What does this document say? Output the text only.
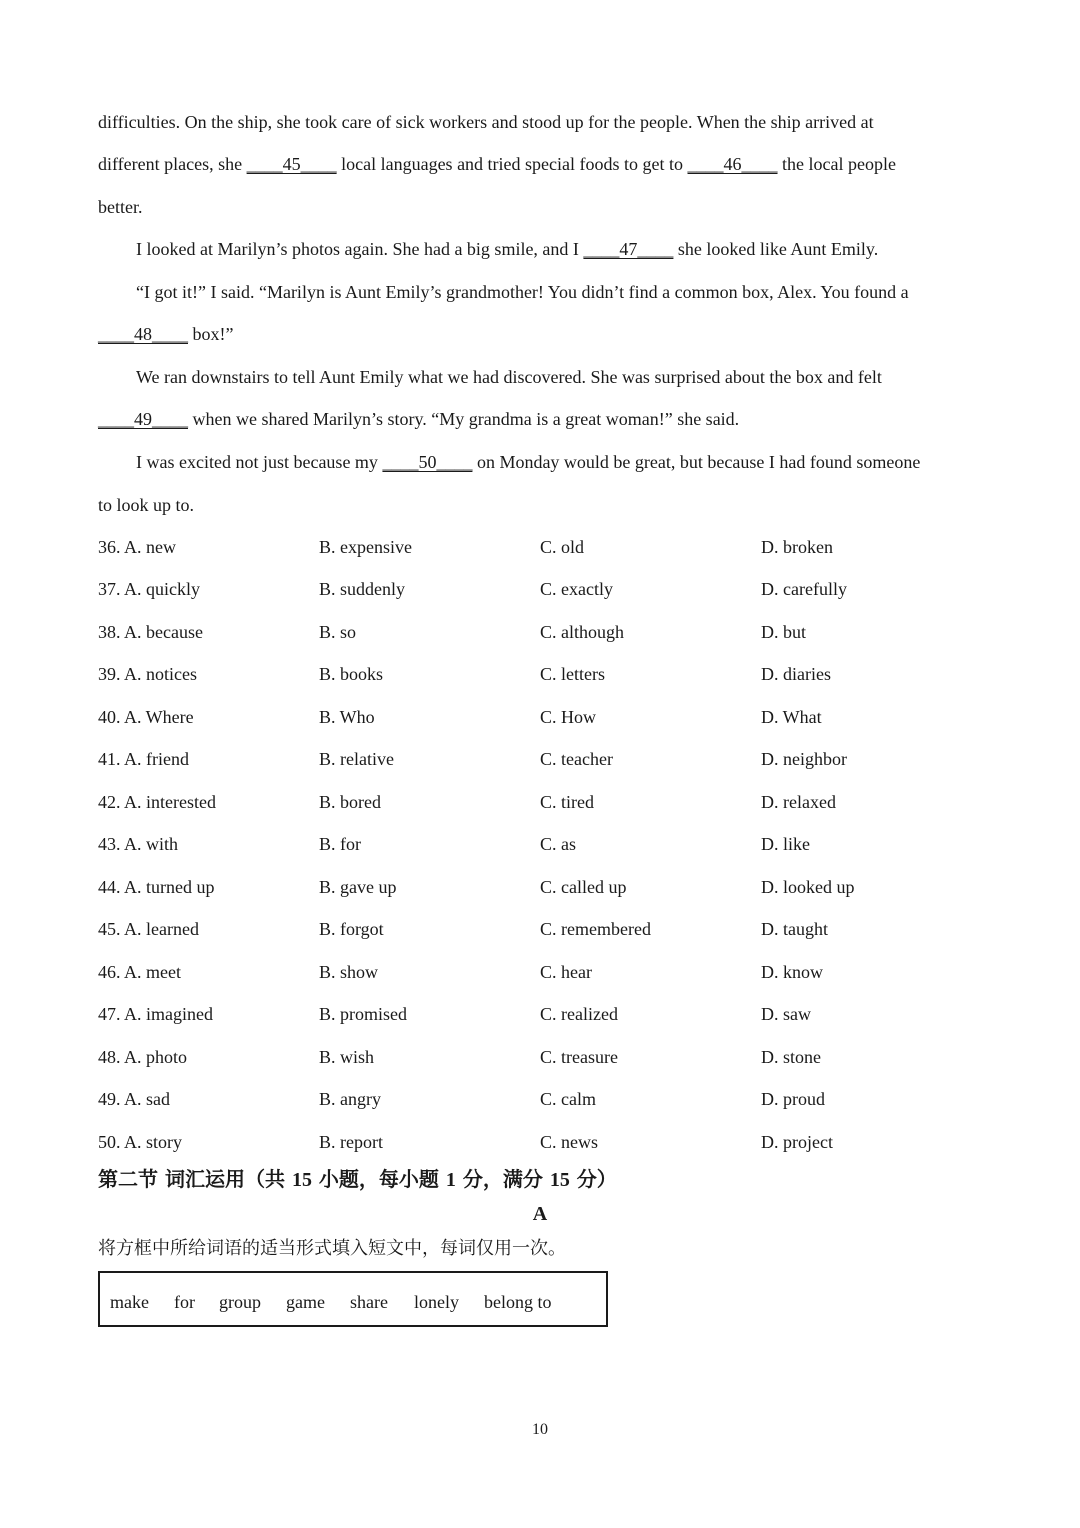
difficulties. On the ship, she took care of sick workers and stood up for the people. When the ship arrived at
different places, she ____45____ local languages and tried special foods to get to ____46____ the local people
better.
I looked at Marilyn’s photos again. She had a big smile, and I ____47____ she looked like Aunt Emily.
“I got it!” I said. “Marilyn is Aunt Emily’s grandmother! You didn’t find a common box, Alex. You found a
____48____ box!”
We ran downstairs to tell Aunt Emily what we had discovered. She was surprised about the box and felt
____49____ when we shared Marilyn’s story. “My grandma is a great woman!” she said.
I was excited not just because my ____50____ on Monday would be great, but because I had found someone
to look up to.
36. A. new	B. expensive	C. old	D. broken
37. A. quickly	B. suddenly	C. exactly	D. carefully
38. A. because	B. so	C. although	D. but
39. A. notices	B. books	C. letters	D. diaries
40. A. Where	B. Who	C. How	D. What
41. A. friend	B. relative	C. teacher	D. neighbor
42. A. interested	B. bored	C. tired	D. relaxed
43. A. with	B. for	C. as	D. like
44. A. turned up	B. gave up	C. called up	D. looked up
45. A. learned	B. forgot	C. remembered	D. taught
46. A. meet	B. show	C. hear	D. know
47. A. imagined	B. promised	C. realized	D. saw
48. A. photo	B. wish	C. treasure	D. stone
49. A. sad	B. angry	C. calm	D. proud
50. A. story	B. report	C. news	D. project
第二节 词汇运用（共 15 小题，每小题 1 分，满分 15 分）
A
将方框中所给词语的适当形式填入短文中，每词仅用一次。
make for group game share lonely belong to
10
